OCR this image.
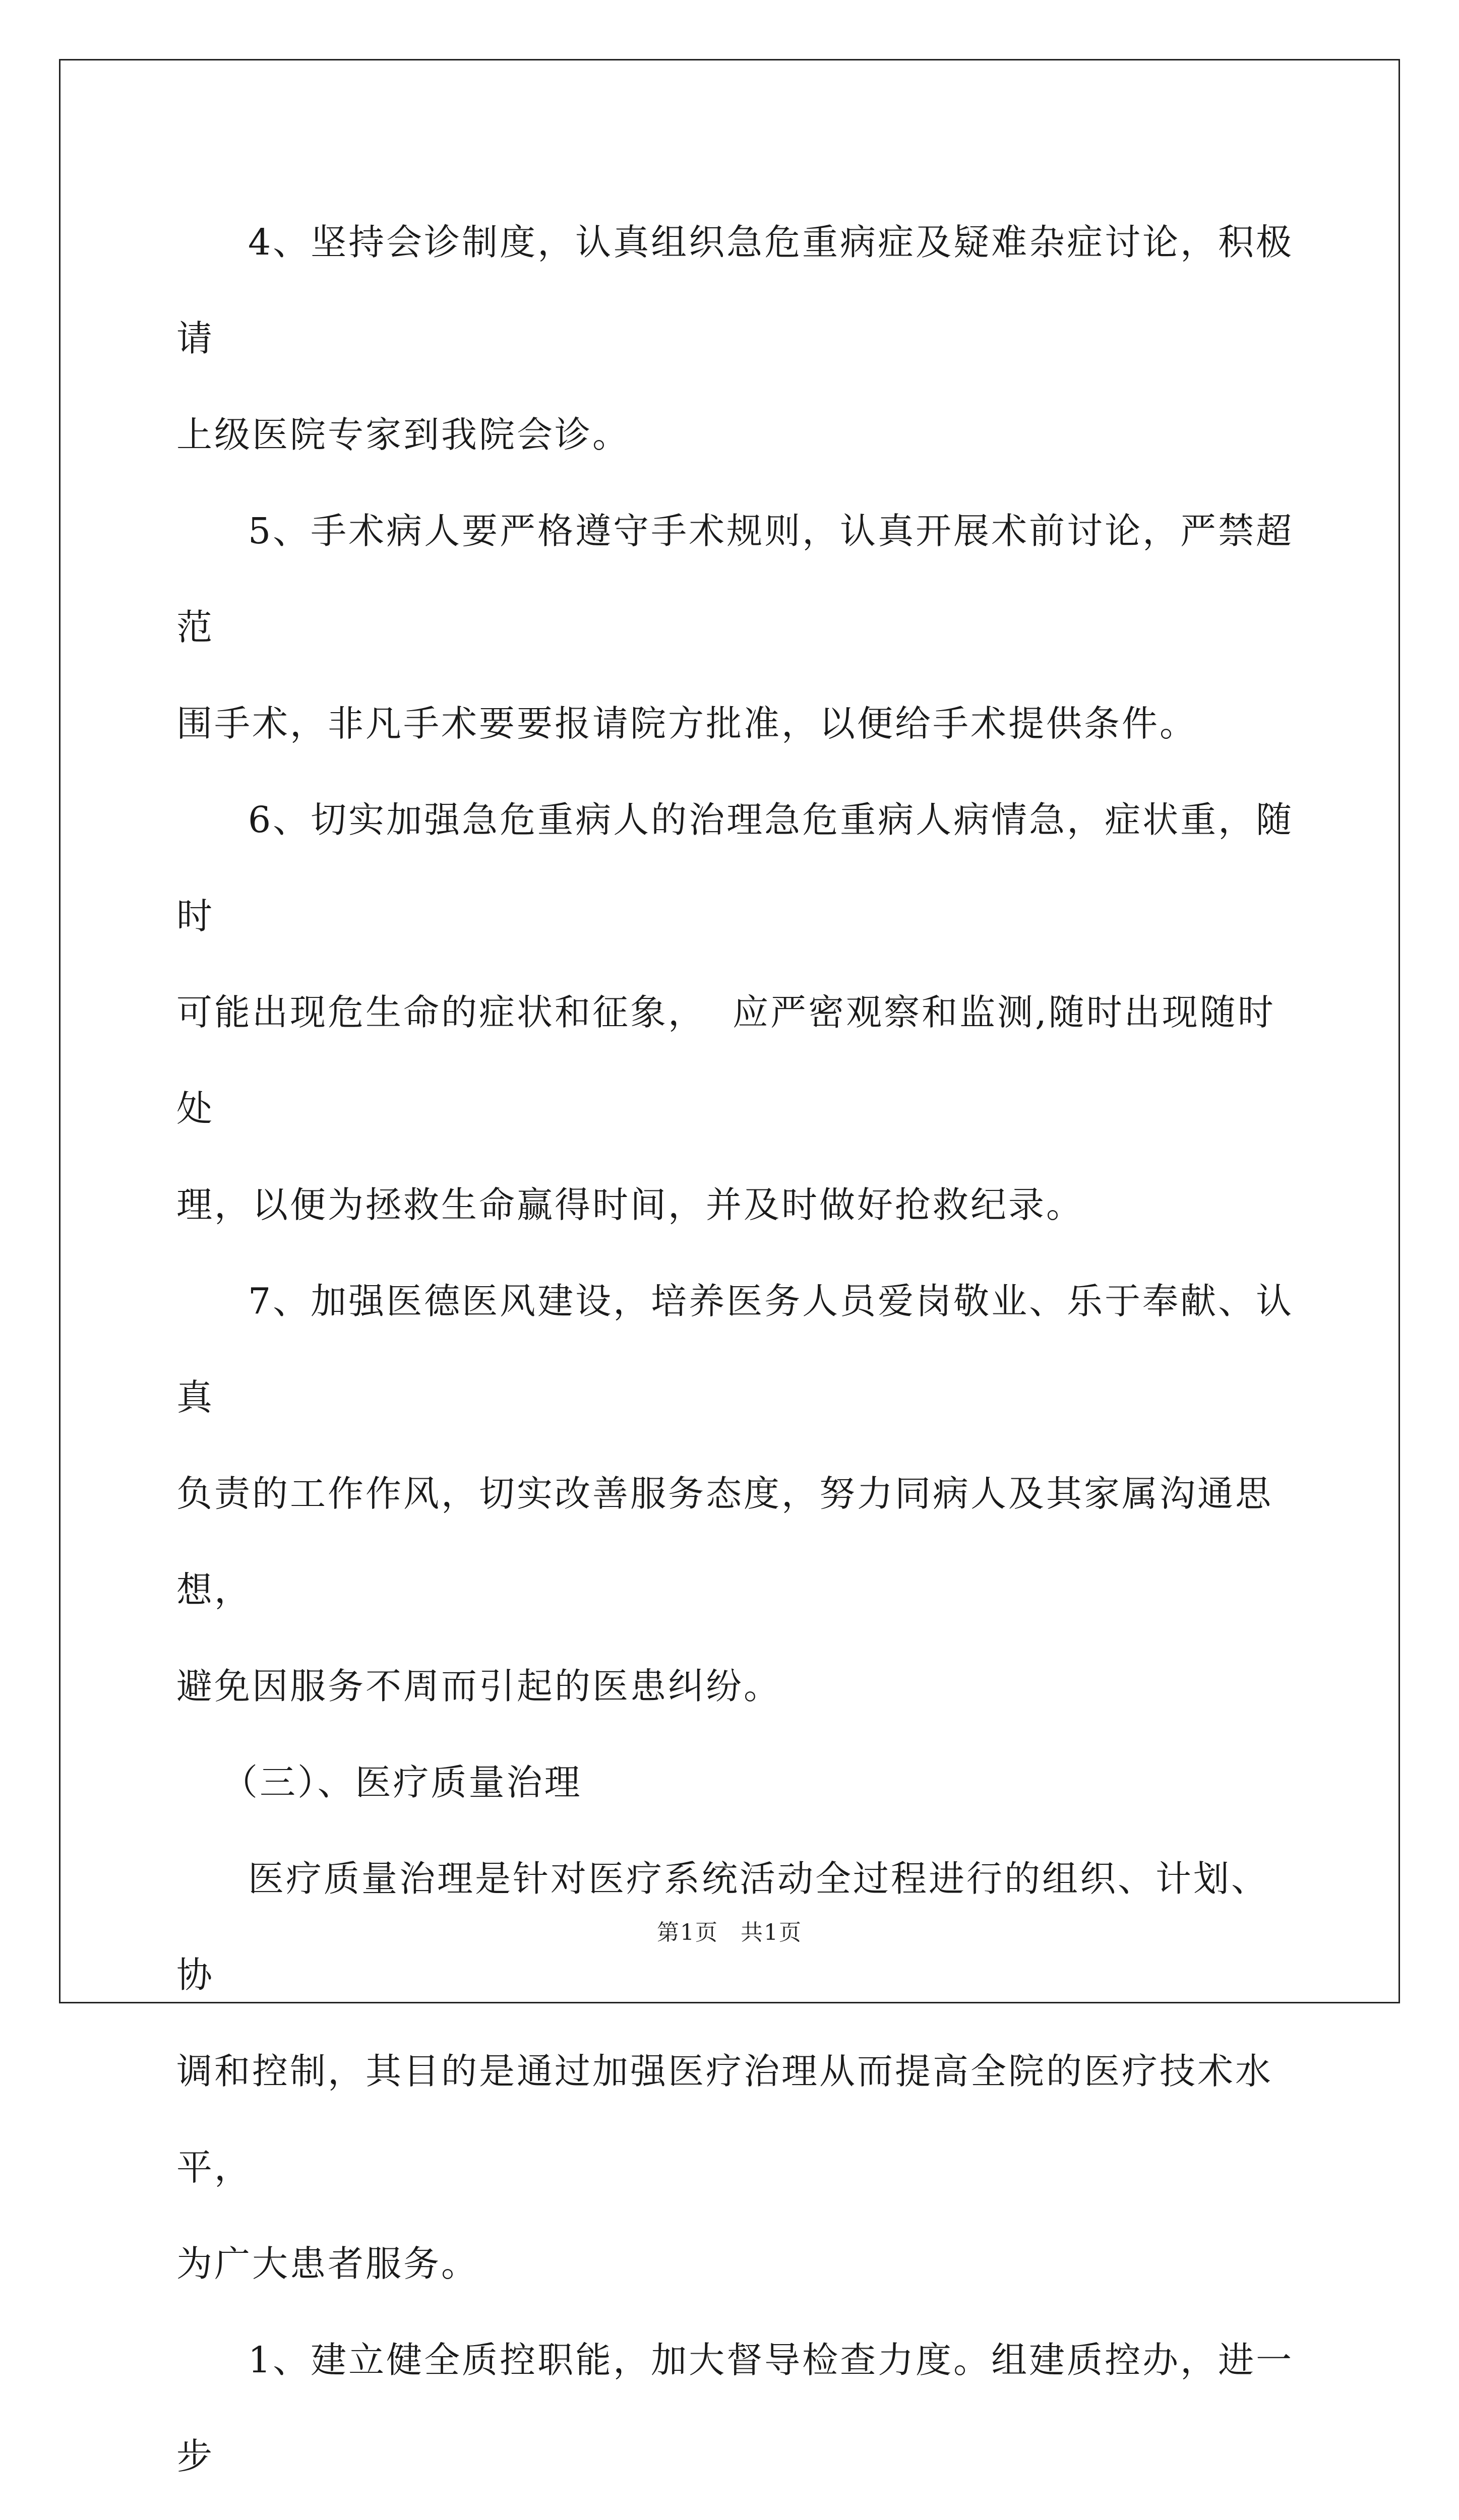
4、坚持会诊制度，认真组织急危重病症及疑难杂症讨论，积极请
上级医院专家到我院会诊。

5、手术病人要严格遵守手术规则，认真开展术前讨论，严禁超范
围手术，非凡手术要要报请院方批准，以便给手术提供条件。

6、切实加强急危重病人的治理急危重病人病情急，症状重，随时
可能出现危生命的症状和征象，  应严密观察和监测,随时出现随时处
理，以便为拯救生命赢得时间，并及时做好抢救纪录。

7、加强医德医风建设，培养医务人员爱岗敬业、乐于奉献、认真
负责的工作作风，切实改善服务态度，努力同病人及其家属沟通思想，
避免因服务不周而引起的医患纠纷。

（三）、医疗质量治理

医疗质量治理是针对医疗系统活动全过程进行的组织、计划、协
调和控制，其目的是通过加强医疗治理从而提高全院的医疗技术水平，
为广大患者服务。

1、建立健全质控职能，加大督导检查力度。组建质控办，进一步

第1页 共1页
